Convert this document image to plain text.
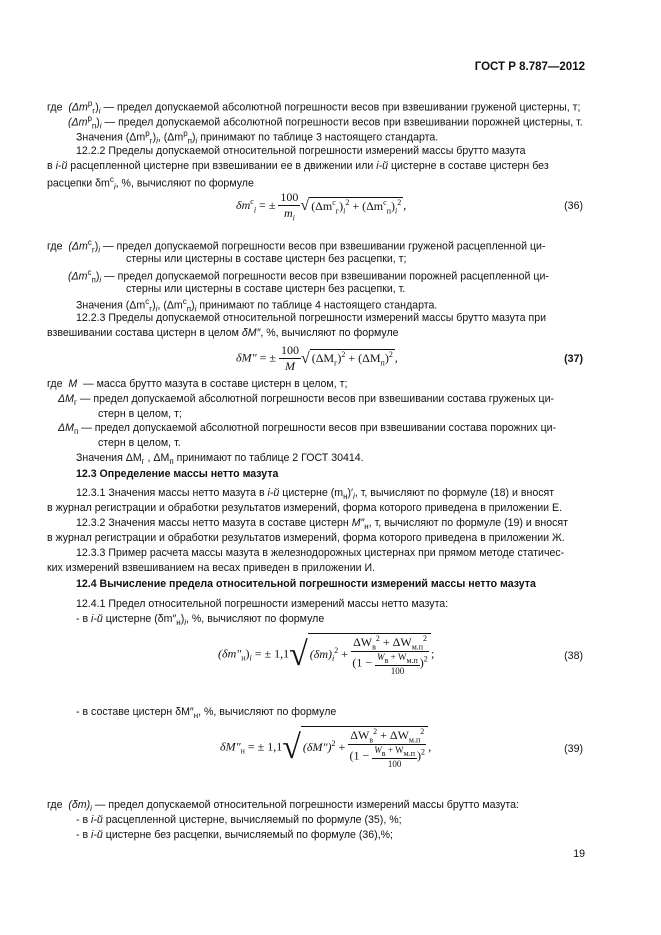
ГОСТ Р 8.787—2012
где $(\Delta m^р_г)_i$ — предел допускаемой абсолютной погрешности весов при взвешивании груженой цистерны, т;
$(\Delta m^р_п)_i$ — предел допускаемой абсолютной погрешности весов при взвешивании порожней цистерны, т.
Значения $(\Delta m^р_г)_i$, $(\Delta m^р_п)_i$ принимают по таблице 3 настоящего стандарта.
12.2.2 Пределы допускаемой относительной погрешности измерений массы брутто мазута
в i-й расцепленной цистерне при взвешивании ее в движении или i-й цистерне в составе цистерн без
расцепки $\delta m^c_i$, %, вычисляют по формуле
$\delta m^c_i$ = ± $\frac{100}{m_i}$ √ $(\Delta m^c_г)_i^2 + (\Delta m^c_п)_i^2$ ,	(36)
где $(\Delta m^c_г)_i$ — предел допускаемой погрешности весов при взвешивании груженой расцепленной ци-
стерны или цистерны в составе цистерн без расцепки, т;
$(\Delta m^c_п)_i$ — предел допускаемой погрешности весов при взвешивании порожней расцепленной ци-
стерны или цистерны в составе цистерн без расцепки, т.
Значения $(\Delta m^c_г)_i$, $(\Delta m^c_п)_i$ принимают по таблице 4 настоящего стандарта.
12.2.3 Пределы допускаемой относительной погрешности измерений массы брутто мазута при
взвешивании состава цистерн в целом δM″, %, вычисляют по формуле
δM″ = ± $\frac{100}{M}$ √ $(\Delta M_г)^2 + (\Delta M_п)^2$ ,	(37)
где M — масса брутто мазута в составе цистерн в целом, т;
$\Delta M_г$ — предел допускаемой абсолютной погрешности весов при взвешивании состава груженых ци-
стерн в целом, т;
$\Delta M_п$ — предел допускаемой абсолютной погрешности весов при взвешивании состава порожних ци-
стерн в целом, т.
Значения $\Delta M_г$ , $\Delta M_п$ принимают по таблице 2 ГОСТ 30414.
12.3 Определение массы нетто мазута
12.3.1 Значения массы нетто мазута в i-й цистерне $(m_н)'_i$, т, вычисляют по формуле (18) и вносят
в журнал регистрации и обработки результатов измерений, форма которого приведена в приложении Е.
12.3.2 Значения массы нетто мазута в составе цистерн $M''_н$, т, вычисляют по формуле (19) и вносят
в журнал регистрации и обработки результатов измерений, форма которого приведена в приложении Ж.
12.3.3 Пример расчета массы мазута в железнодорожных цистернах при прямом методе статичес-
ких измерений взвешиванием на весах приведен в приложении И.
12.4 Вычисление предела относительной погрешности измерений массы нетто мазута
12.4.1 Предел относительной погрешности измерений массы нетто мазута:
- в i-й цистерне $(\delta m''_н)_i$, %, вычисляют по формуле
$(\delta m''_н)_i$ = ± 1,1√ $(\delta m)_i^2 + \frac{\Delta W_в^2 + \Delta W_{м.п}^2}{(1 - \frac{W_в + W_{м.п}}{100} )^2}$ ;	(38)
- в составе цистерн $\delta M''_н$, %, вычисляют по формуле
$\delta M''_н$ = ± 1,1√ $(\delta M'')^2 + \frac{\Delta W_в^2 + \Delta W_{м.п}^2}{(1 - \frac{W_в + W_{м.п}}{100} )^2}$ ,	(39)
где $(\delta m)_i$ — предел допускаемой относительной погрешности измерений массы брутто мазута:
- в i-й расцепленной цистерне, вычисляемый по формуле (35), %;
- в i-й цистерне без расцепки, вычисляемый по формуле (36),%;
19
